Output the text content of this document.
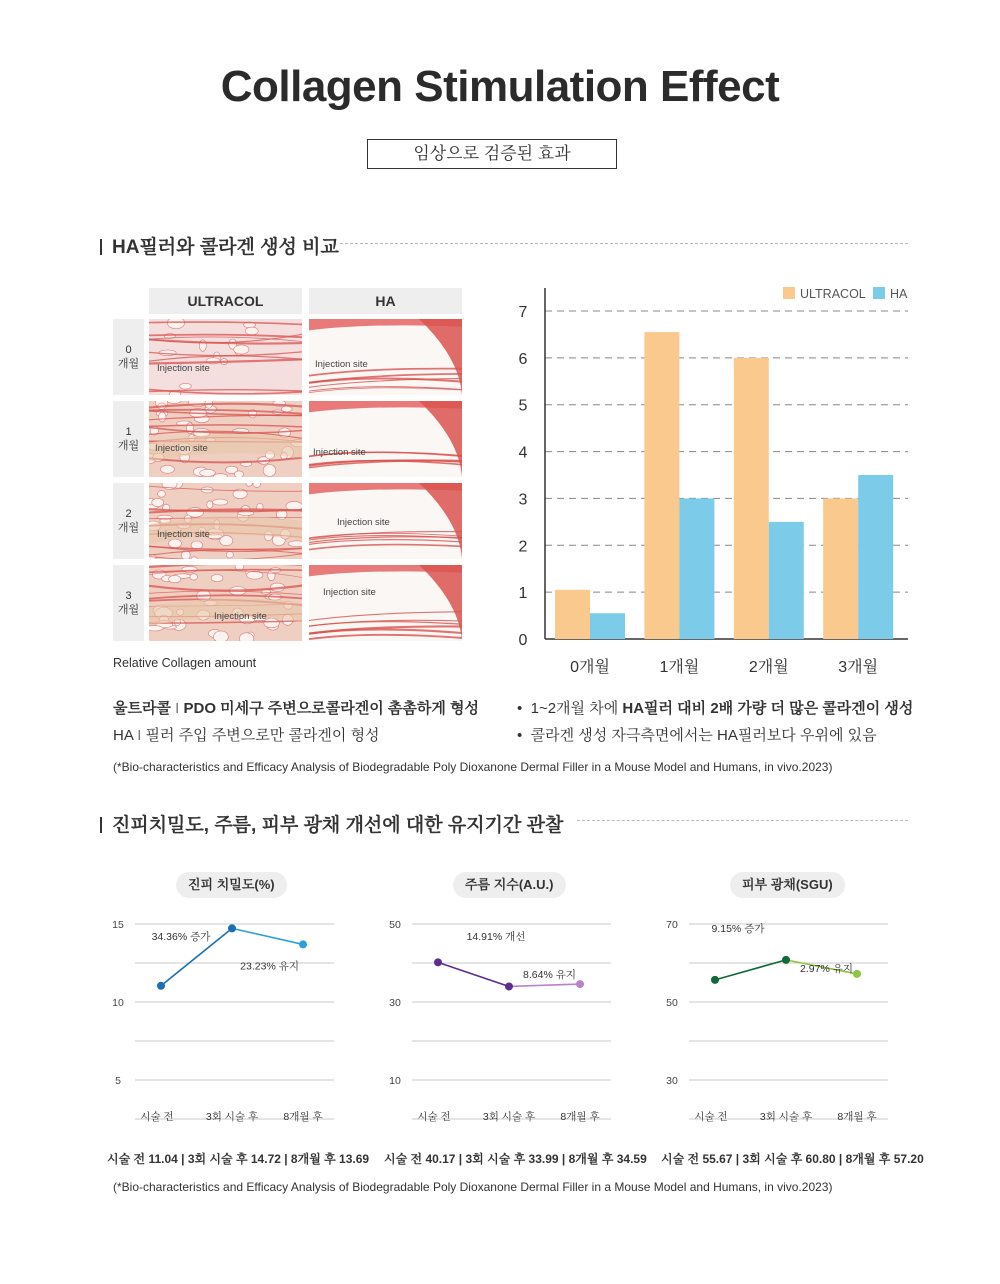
Collagen Stimulation Effect
임상으로 검증된 효과
HA필러와 콜라겐 생성 비교
ULTRACOL	HA
0
개월 Injection site	Injection site
1
개월 Injection site	Injection site
2
개월
Injection site
Injection site
3
개월
Injection site
Injection site
Relative Collagen amount
0
1
2
3
4
5
6
7
0개월	1개월	2개월	3개월
ULTRACOL HA
울트라콜 I PDO 미세구 주변으로콜라겐이 촘촘하게 형성
HA I 필러 주입 주변으로만 콜라겐이 형성
• 1~2개월 차에 HA필러 대비 2배 가량 더 많은 콜라겐이 생성
• 콜라겐 생성 자극측면에서는 HA필러보다 우위에 있음
(*Bio-characteristics and Efficacy Analysis of Biodegradable Poly Dioxanone Dermal Filler in a Mouse Model and Humans, in vivo.2023)
진피치밀도, 주름, 피부 광채 개선에 대한 유지기간 관찰
진피 치밀도(%)
5
10
15
시술 전	3회 시술 후 8개월 후
34.36% 증가
23.23% 유지
시술 전 11.04 | 3회 시술 후 14.72 | 8개월 후 13.69
주름 지수(A.U.)
10
30
50
시술 전	3회 시술 후 8개월 후
14.91% 개선
8.64% 유지
시술 전 40.17 | 3회 시술 후 33.99 | 8개월 후 34.59
피부 광채(SGU)
30
50
70
시술 전	3회 시술 후 8개월 후
9.15% 증가
2.97% 유지
시술 전 55.67 | 3회 시술 후 60.80 | 8개월 후 57.20
(*Bio-characteristics and Efficacy Analysis of Biodegradable Poly Dioxanone Dermal Filler in a Mouse Model and Humans, in vivo.2023)
